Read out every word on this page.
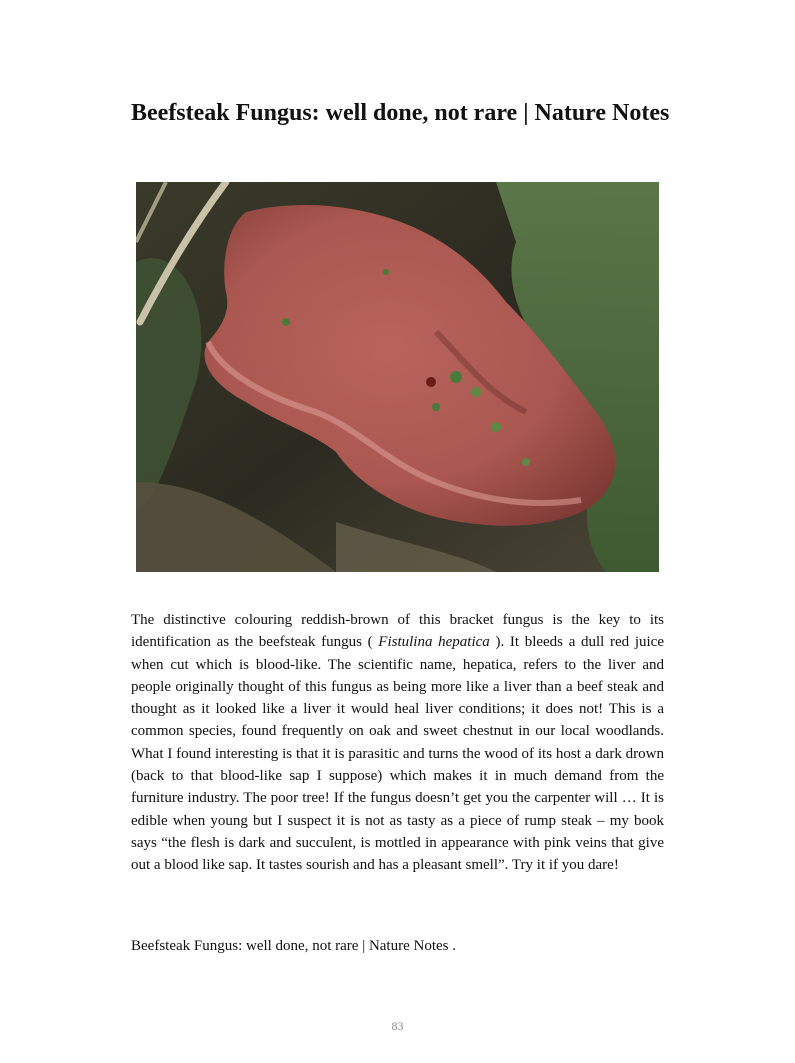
Beefsteak Fungus: well done, not rare | Nature Notes

The distinctive colouring reddish-brown of this bracket fungus is the key to its identification as the beefsteak fungus ( Fistulina hepatica ). It bleeds a dull red juice when cut which is blood-like. The scientific name, hepatica, refers to the liver and people originally thought of this fungus as being more like a liver than a beef steak and thought as it looked like a liver it would heal liver conditions; it does not! This is a common species, found frequently on oak and sweet chestnut in our local woodlands. What I found interesting is that it is parasitic and turns the wood of its host a dark drown (back to that blood-like sap I suppose) which makes it in much demand from the furniture industry. The poor tree! If the fungus doesn’t get you the carpenter will … It is edible when young but I suspect it is not as tasty as a piece of rump steak – my book says “the flesh is dark and succulent, is mottled in appearance with pink veins that give out a blood like sap. It tastes sourish and has a pleasant smell”. Try it if you dare!

Beefsteak Fungus: well done, not rare | Nature Notes .

83
